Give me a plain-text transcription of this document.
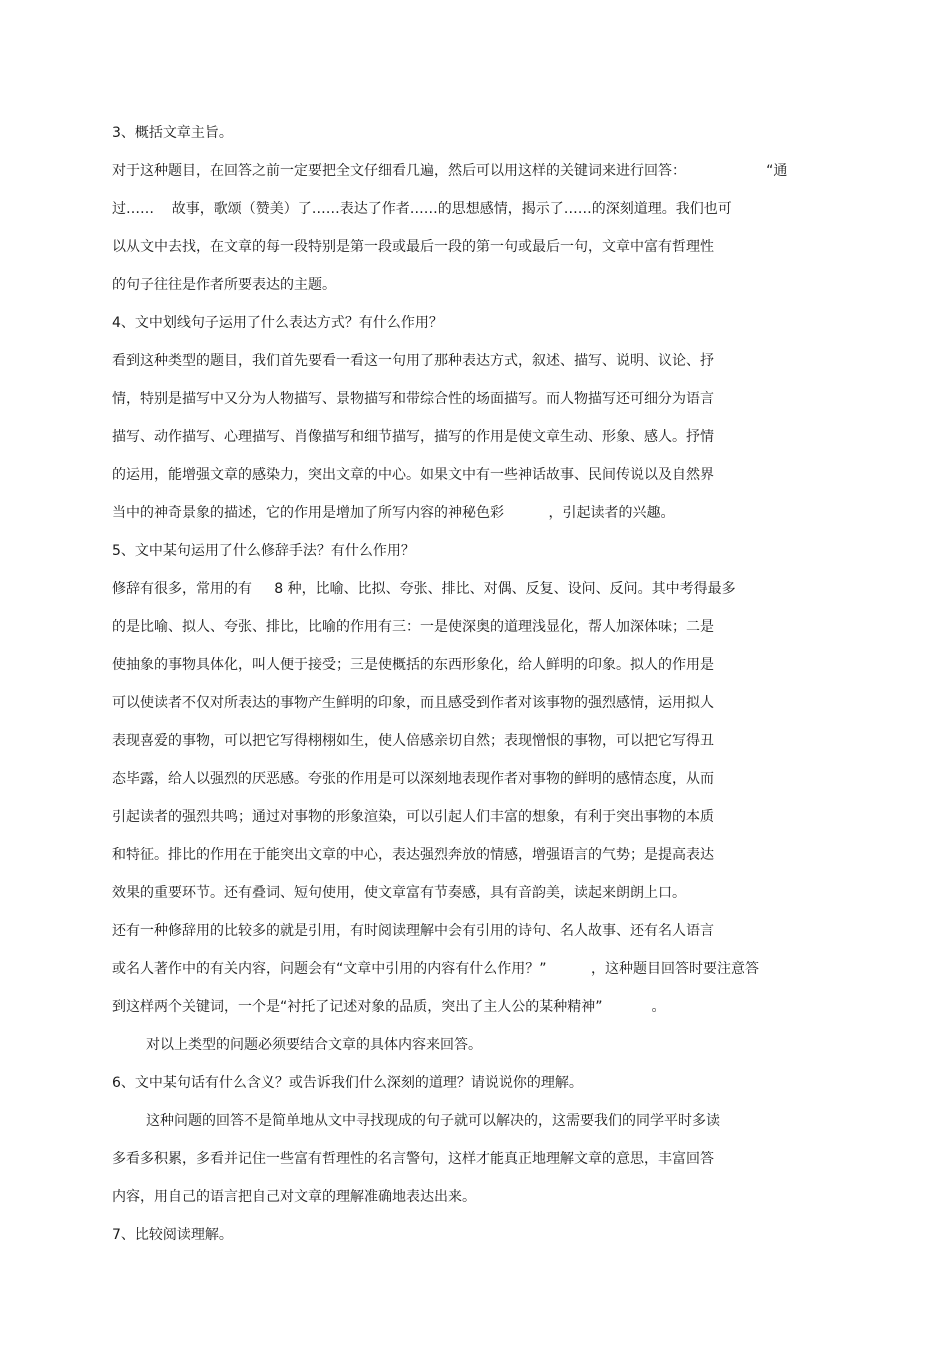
3、概括文章主旨。
对于这种题目，在回答之前一定要把全文仔细看几遍，然后可以用这样的关键词来进行回答：                  “通
过……    故事，歌颂（赞美）了……表达了作者……的思想感情，揭示了……的深刻道理。我们也可
以从文中去找，在文章的每一段特别是第一段或最后一段的第一句或最后一句，文章中富有哲理性
的句子往往是作者所要表达的主题。
4、文中划线句子运用了什么表达方式？有什么作用？
看到这种类型的题目，我们首先要看一看这一句用了那种表达方式，叙述、描写、说明、议论、抒
情，特别是描写中又分为人物描写、景物描写和带综合性的场面描写。而人物描写还可细分为语言
描写、动作描写、心理描写、肖像描写和细节描写，描写的作用是使文章生动、形象、感人。抒情
的运用，能增强文章的感染力，突出文章的中心。如果文中有一些神话故事、民间传说以及自然界
当中的神奇景象的描述，它的作用是增加了所写内容的神秘色彩          ，引起读者的兴趣。
5、文中某句运用了什么修辞手法？有什么作用？
修辞有很多，常用的有     8 种，比喻、比拟、夸张、排比、对偶、反复、设问、反问。其中考得最多
的是比喻、拟人、夸张、排比，比喻的作用有三：一是使深奥的道理浅显化，帮人加深体味；二是
使抽象的事物具体化，叫人便于接受；三是使概括的东西形象化，给人鲜明的印象。拟人的作用是
可以使读者不仅对所表达的事物产生鲜明的印象，而且感受到作者对该事物的强烈感情，运用拟人
表现喜爱的事物，可以把它写得栩栩如生，使人倍感亲切自然；表现憎恨的事物，可以把它写得丑
态毕露，给人以强烈的厌恶感。夸张的作用是可以深刻地表现作者对事物的鲜明的感情态度，从而
引起读者的强烈共鸣；通过对事物的形象渲染，可以引起人们丰富的想象，有利于突出事物的本质
和特征。排比的作用在于能突出文章的中心，表达强烈奔放的情感，增强语言的气势；是提高表达
效果的重要环节。还有叠词、短句使用，使文章富有节奏感，具有音韵美，读起来朗朗上口。
还有一种修辞用的比较多的就是引用，有时阅读理解中会有引用的诗句、名人故事、还有名人语言
或名人著作中的有关内容，问题会有“文章中引用的内容有什么作用？”          ，这种题目回答时要注意答
到这样两个关键词，一个是“衬托了记述对象的品质，突出了主人公的某种精神”           。
对以上类型的问题必须要结合文章的具体内容来回答。
6、文中某句话有什么含义？或告诉我们什么深刻的道理？请说说你的理解。
这种问题的回答不是简单地从文中寻找现成的句子就可以解决的，这需要我们的同学平时多读
多看多积累，多看并记住一些富有哲理性的名言警句，这样才能真正地理解文章的意思，丰富回答
内容，用自己的语言把自己对文章的理解准确地表达出来。
7、比较阅读理解。
